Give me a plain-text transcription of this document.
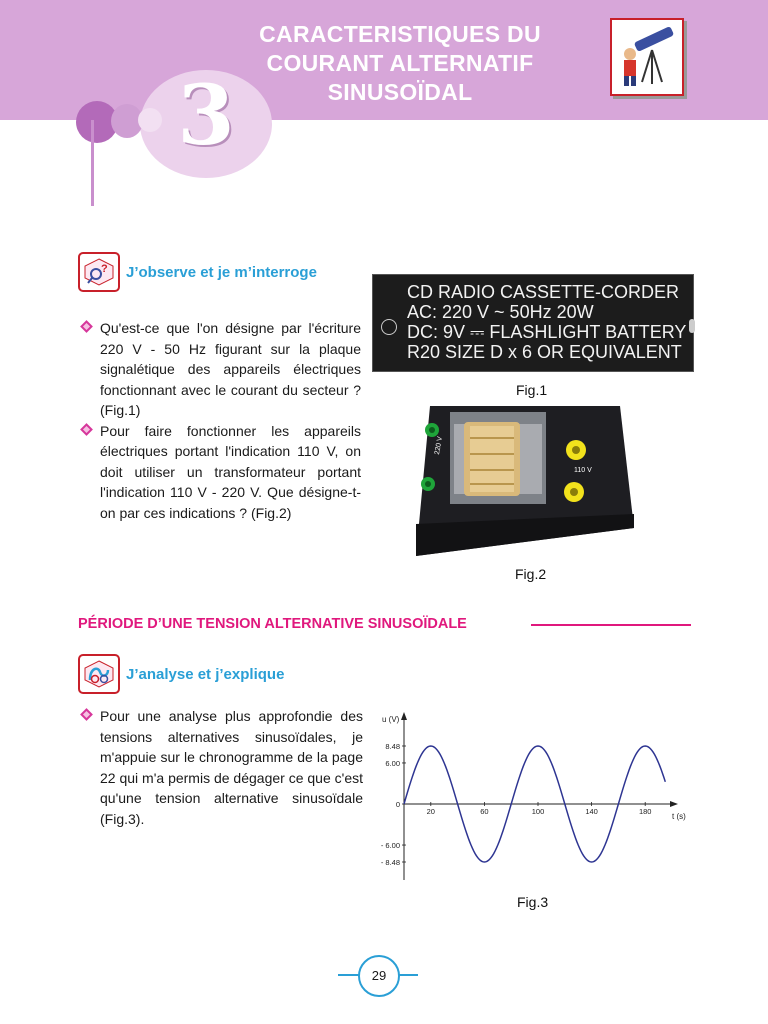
CARACTERISTIQUES DU
COURANT ALTERNATIF
SINUSOÏDAL
3
? J’observe et je m’interroge
Qu'est-ce que l'on désigne par l'écriture 220 V - 50 Hz figurant sur la plaque signalétique des appareils électriques fonctionnant avec le courant du secteur ? (Fig.1)
Pour faire fonctionner les appareils électriques portant l'indication 110 V, on doit utiliser un transformateur portant l'indication 110 V - 220 V. Que désigne-t-on par ces indications ? (Fig.2)
CD RADIO CASSETTE-CORDER
AC: 220 V ~ 50Hz 20W
DC: 9V ⎓ FLASHLIGHT BATTERY
R20 SIZE D x 6 OR EQUIVALENT
Fig.1
220 V
110 V
Fig.2
PÉRIODE D’UNE TENSION ALTERNATIVE SINUSOÏDALE
J’analyse et j’explique
Pour une analyse plus approfondie des tensions alternatives sinusoïdales, je m'appuie sur le chronogramme de la page 22 qui m'a permis de dégager ce que c'est qu'une tension alternative sinusoïdale (Fig.3).
u (V)
t (s)
8.48
6.00
0
- 6.00
- 8.48
20	60	100	140	180
Fig.3
29
